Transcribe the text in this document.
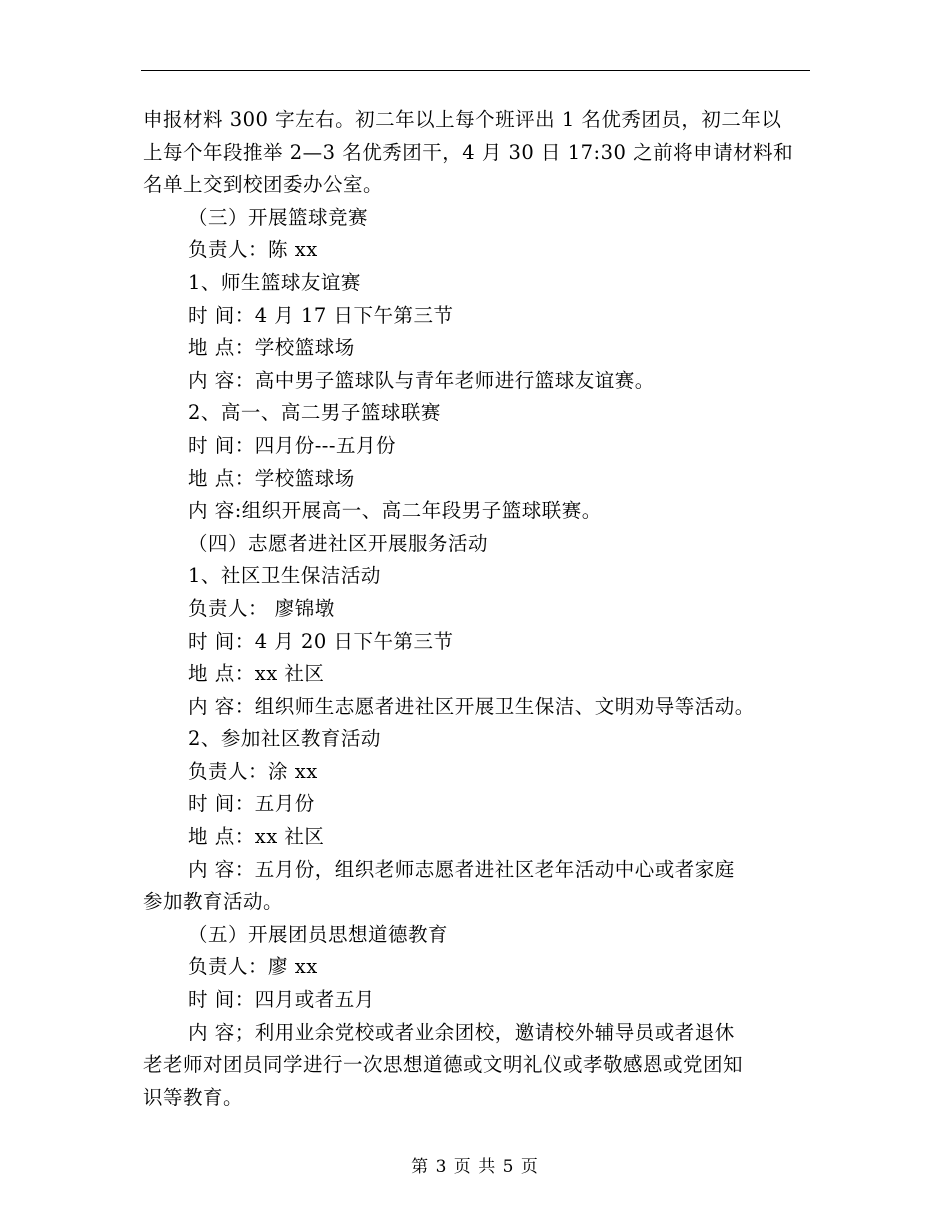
申报材料 300 字左右。初二年以上每个班评出 1 名优秀团员，初二年以
上每个年段推举 2—3 名优秀团干，4 月 30 日 17:30 之前将申请材料和
名单上交到校团委办公室。
（三）开展篮球竞赛
负责人：陈 xx
1、师生篮球友谊赛
时 间：4 月 17 日下午第三节
地 点：学校篮球场
内 容：高中男子篮球队与青年老师进行篮球友谊赛。
2、高一、高二男子篮球联赛
时 间：四月份---五月份
地 点：学校篮球场
内 容:组织开展高一、高二年段男子篮球联赛。
（四）志愿者进社区开展服务活动
1、社区卫生保洁活动
负责人： 廖锦墩
时 间：4 月 20 日下午第三节
地 点：xx 社区
内 容：组织师生志愿者进社区开展卫生保洁、文明劝导等活动。
2、参加社区教育活动
负责人：涂 xx
时 间：五月份
地 点：xx 社区
内 容：五月份，组织老师志愿者进社区老年活动中心或者家庭
参加教育活动。
（五）开展团员思想道德教育
负责人：廖 xx
时 间：四月或者五月
内 容；利用业余党校或者业余团校，邀请校外辅导员或者退休
老老师对团员同学进行一次思想道德或文明礼仪或孝敬感恩或党团知
识等教育。
第 3 页 共 5 页
